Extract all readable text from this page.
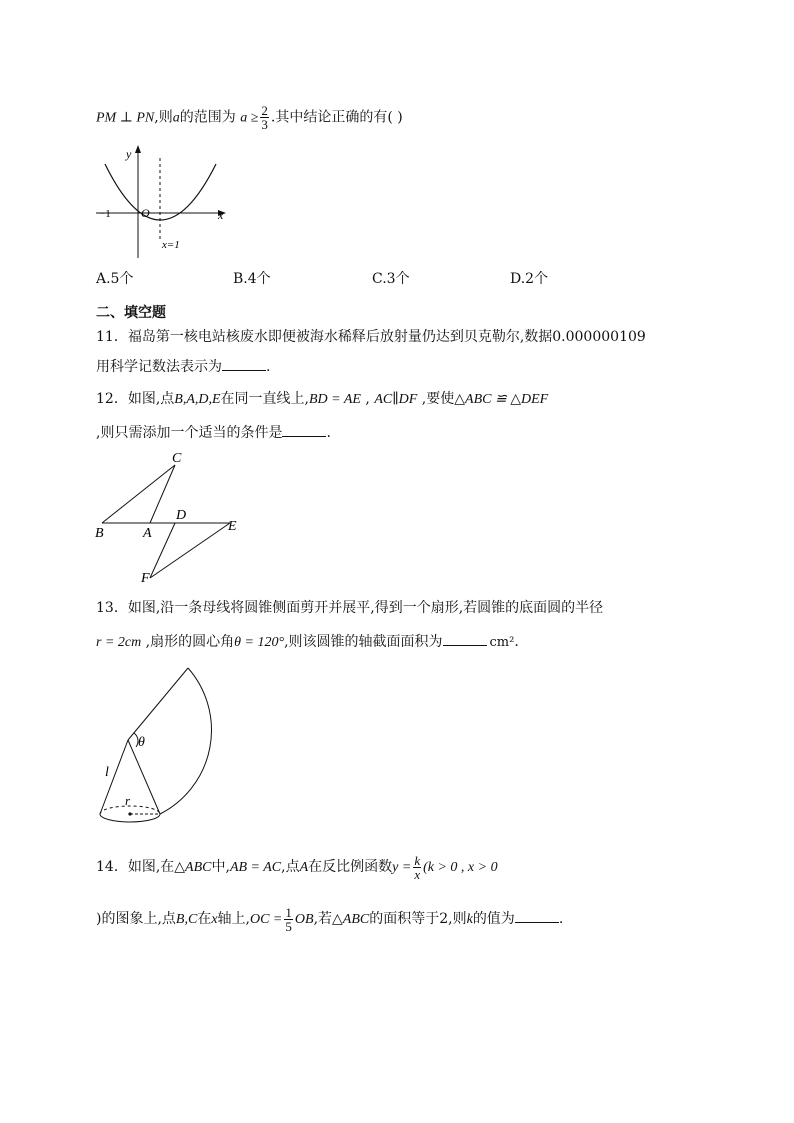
PM ⊥ PN,则a的范围为 $a \ge \frac{2}{3}$ .其中结论正确的有( )
y
x
O
−1
x=1
A.5个	B.4个	C.3个	D.2个
二、填空题
11．福岛第一核电站核废水即便被海水稀释后放射量仍达到贝克勒尔,数据0.000000109
用科学记数法表示为	.
12．如图,点B,A,D,E在同一直线上,BD = AE , AC∥DF ,要使△ABC ≌ △DEF
,则只需添加一个适当的条件是	.
C
B	A
D
E
F
13．如图,沿一条母线将圆锥侧面剪开并展平,得到一个扇形,若圆锥的底面圆的半径
r = 2cm ,扇形的圆心角θ = 120°,则该圆锥的轴截面面积为	cm².
θ
l
r
14．如图,在△ABC中,AB = AC,点A在反比例函数$y = \frac{k}{x} (k > 0$ , x > 0
)的图象上,点B,C在x轴上$,OC = \frac{1}{5}$ OB,若△ABC的面积等于2,则k的值为	.
